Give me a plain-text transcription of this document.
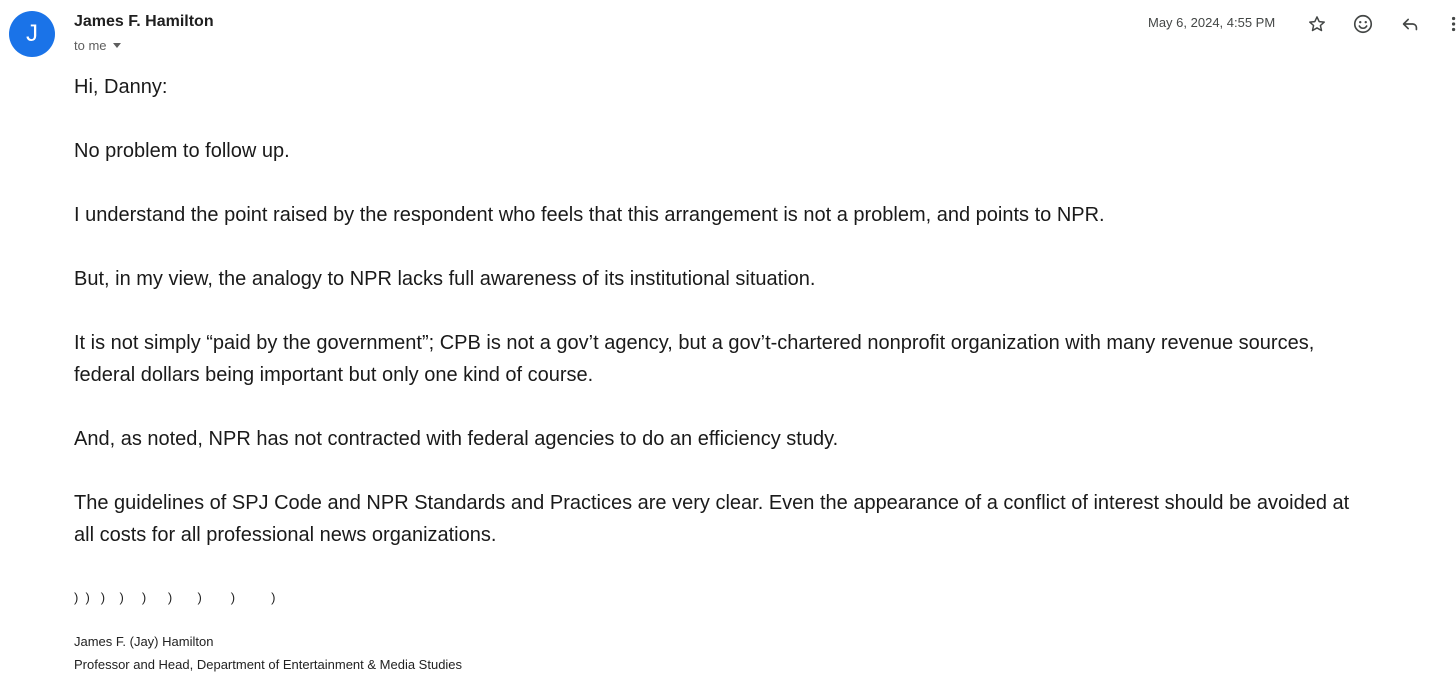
J	James F. Hamilton
to me
May 6, 2024, 4:55 PM

Hi, Danny:

No problem to follow up.

I understand the point raised by the respondent who feels that this arrangement is not a problem, and points to NPR.

But, in my view, the analogy to NPR lacks full awareness of its institutional situation.

It is not simply “paid by the government”; CPB is not a gov’t agency, but a gov’t-chartered nonprofit organization with many revenue sources,

federal dollars being important but only one kind of course.

And, as noted, NPR has not contracted with federal agencies to do an efficiency study.

The guidelines of SPJ Code and NPR Standards and Practices are very clear. Even the appearance of a conflict of interest should be avoided at

all costs for all professional news organizations.

)  )   )    )     )      )       )        )          )
James F. (Jay) Hamilton
Professor and Head, Department of Entertainment & Media Studies
